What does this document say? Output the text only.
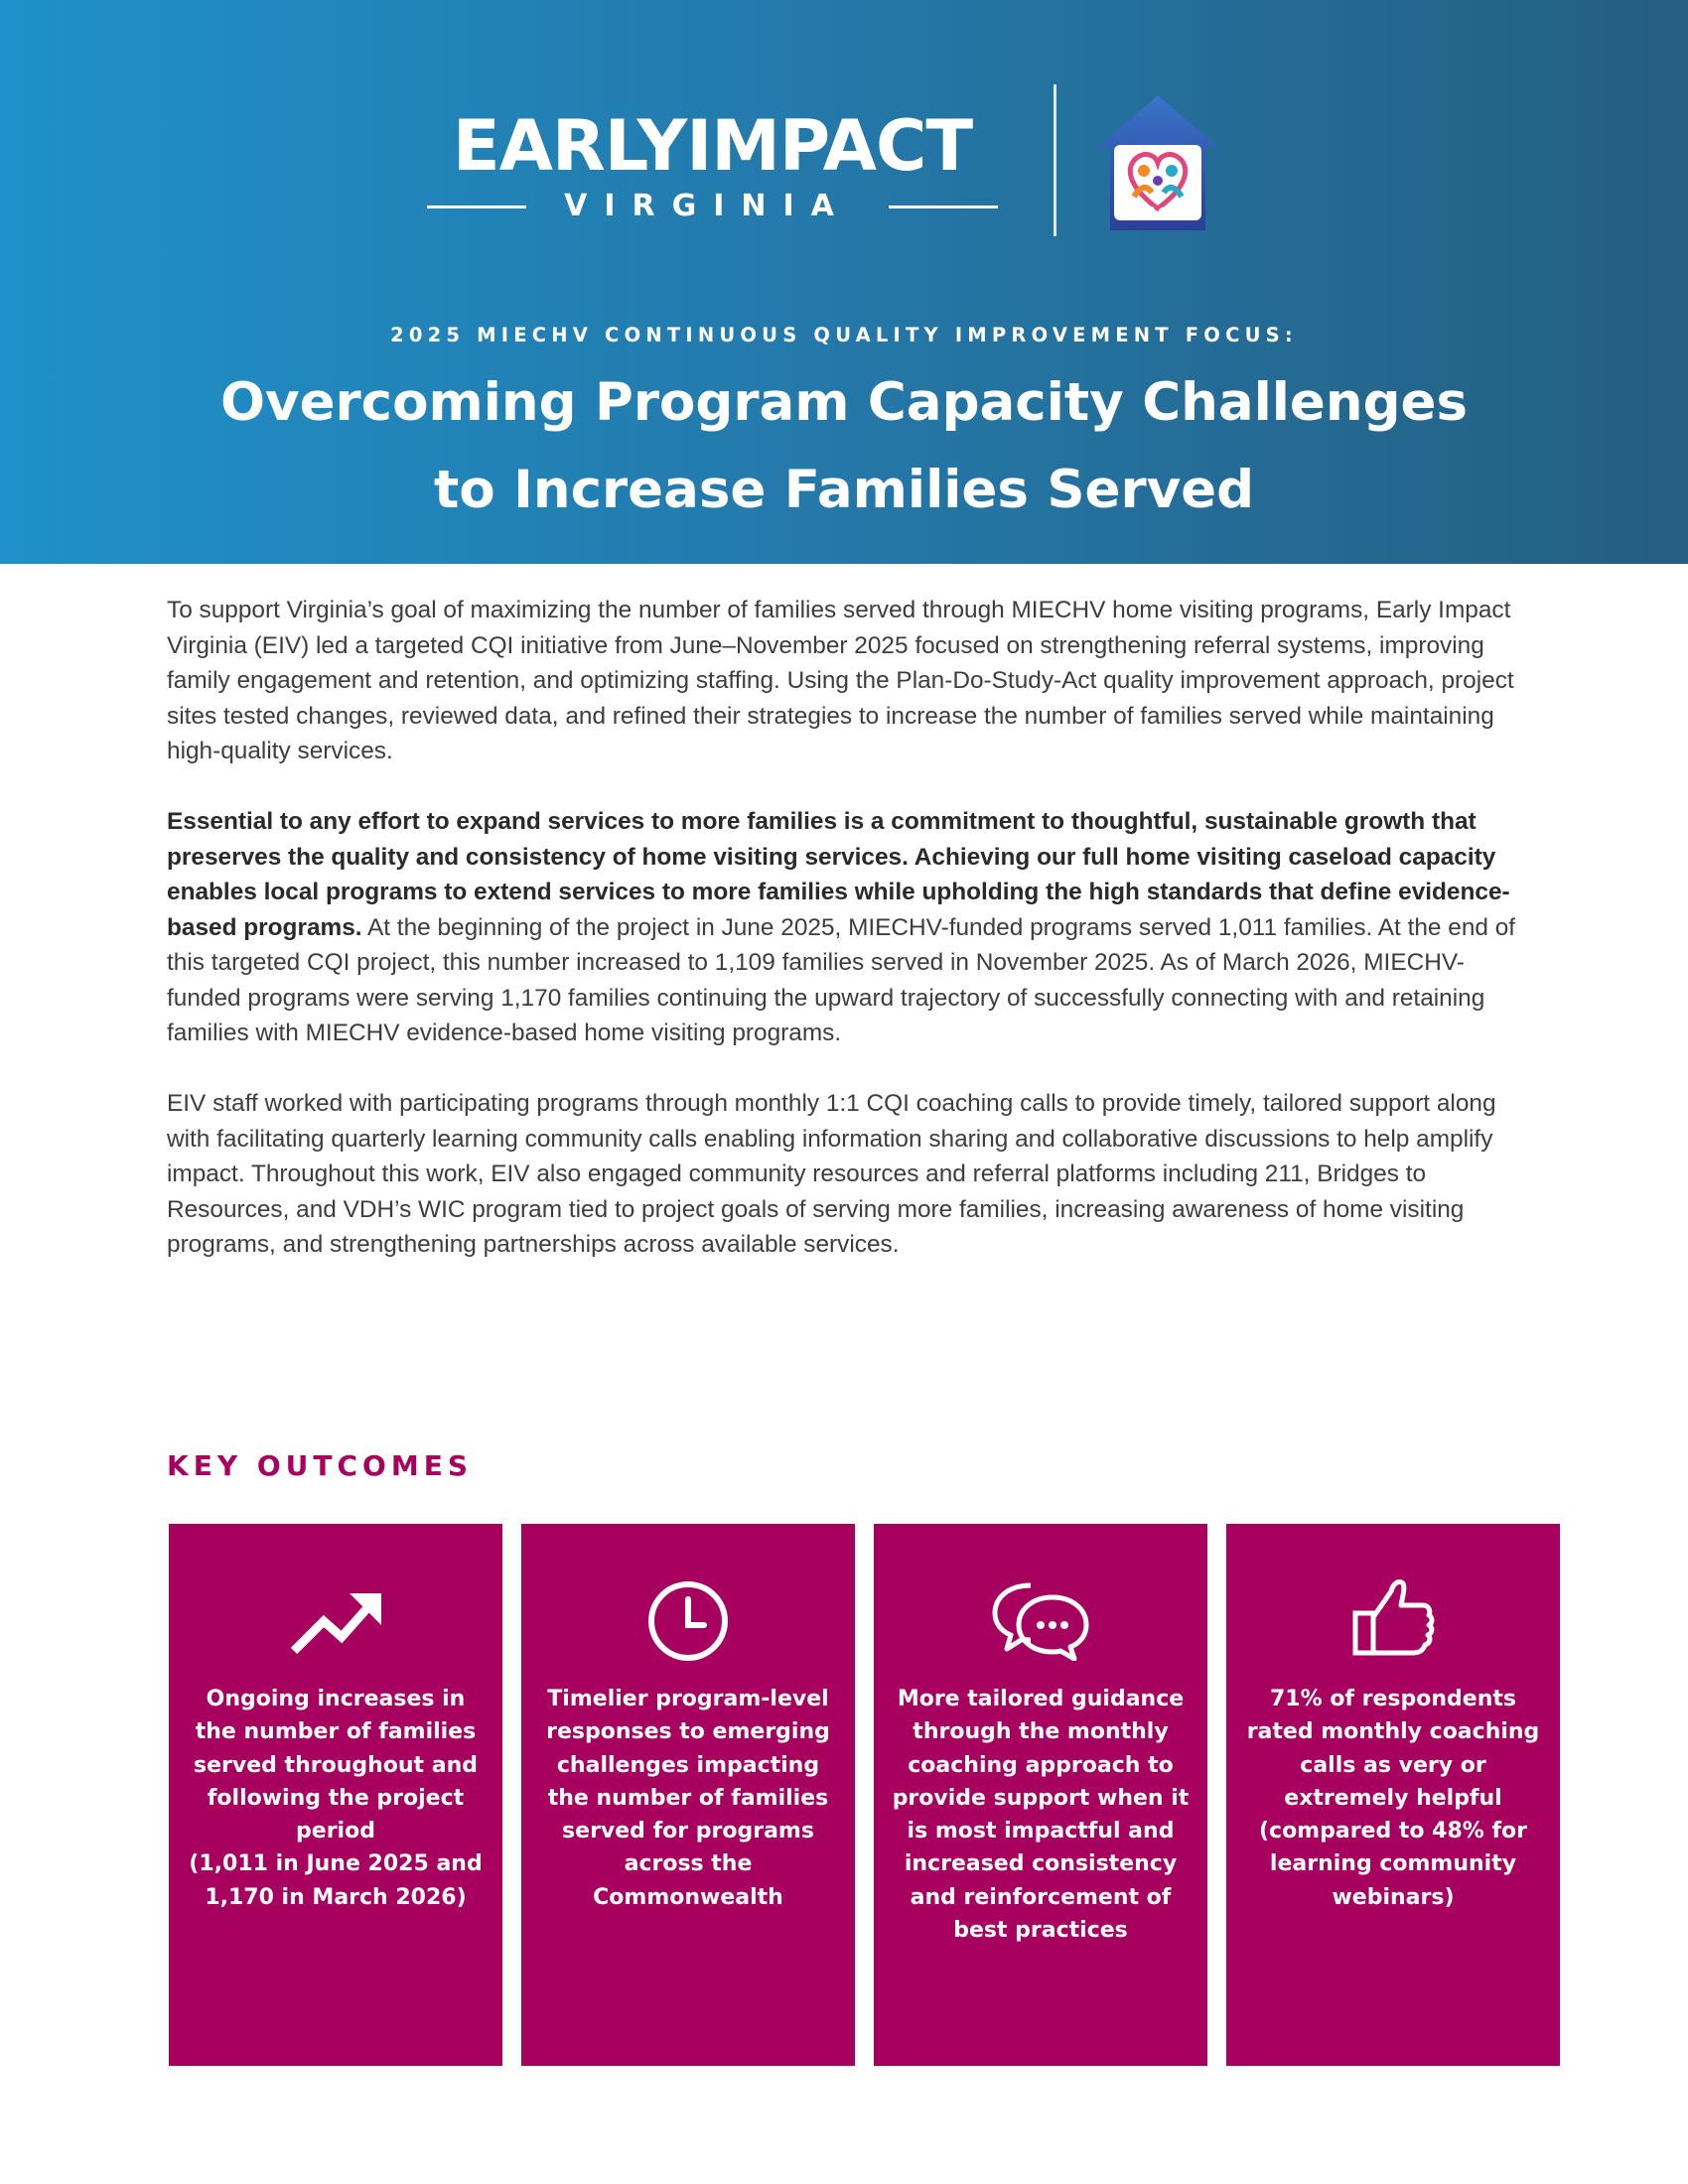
EARLYIMPACT
VIRGINIA	MIECHV
2025 MIECHV CONTINUOUS QUALITY IMPROVEMENT FOCUS:
Overcoming Program Capacity Challenges
to Increase Families Served

To support Virginia’s goal of maximizing the number of families served through MIECHV home visiting programs, Early Impact Virginia (EIV) led a targeted CQI initiative from June–November 2025 focused on strengthening referral systems, improving family engagement and retention, and optimizing staffing. Using the Plan-Do-Study-Act quality improvement approach, project sites tested changes, reviewed data, and refined their strategies to increase the number of families served while maintaining high-quality services.

Essential to any effort to expand services to more families is a commitment to thoughtful, sustainable growth that preserves the quality and consistency of home visiting services. Achieving our full home visiting caseload capacity enables local programs to extend services to more families while upholding the high standards that define evidence-based programs. At the beginning of the project in June 2025, MIECHV-funded programs served 1,011 families. At the end of this targeted CQI project, this number increased to 1,109 families served in November 2025. As of March 2026, MIECHV-funded programs were serving 1,170 families continuing the upward trajectory of successfully connecting with and retaining families with MIECHV evidence-based home visiting programs.

EIV staff worked with participating programs through monthly 1:1 CQI coaching calls to provide timely, tailored support along with facilitating quarterly learning community calls enabling information sharing and collaborative discussions to help amplify impact. Throughout this work, EIV also engaged community resources and referral platforms including 211, Bridges to Resources, and VDH’s WIC program tied to project goals of serving more families, increasing awareness of home visiting programs, and strengthening partnerships across available services.

KEY OUTCOMES
Ongoing increases in the number of families served throughout and following the project period
(1,011 in June 2025 and 1,170 in March 2026)
Timelier program-level responses to emerging challenges impacting the number of families served for programs across the Commonwealth
More tailored guidance through the monthly coaching approach to provide support when it is most impactful and increased consistency and reinforcement of best practices
71% of respondents rated monthly coaching calls as very or extremely helpful (compared to 48% for learning community webinars)
